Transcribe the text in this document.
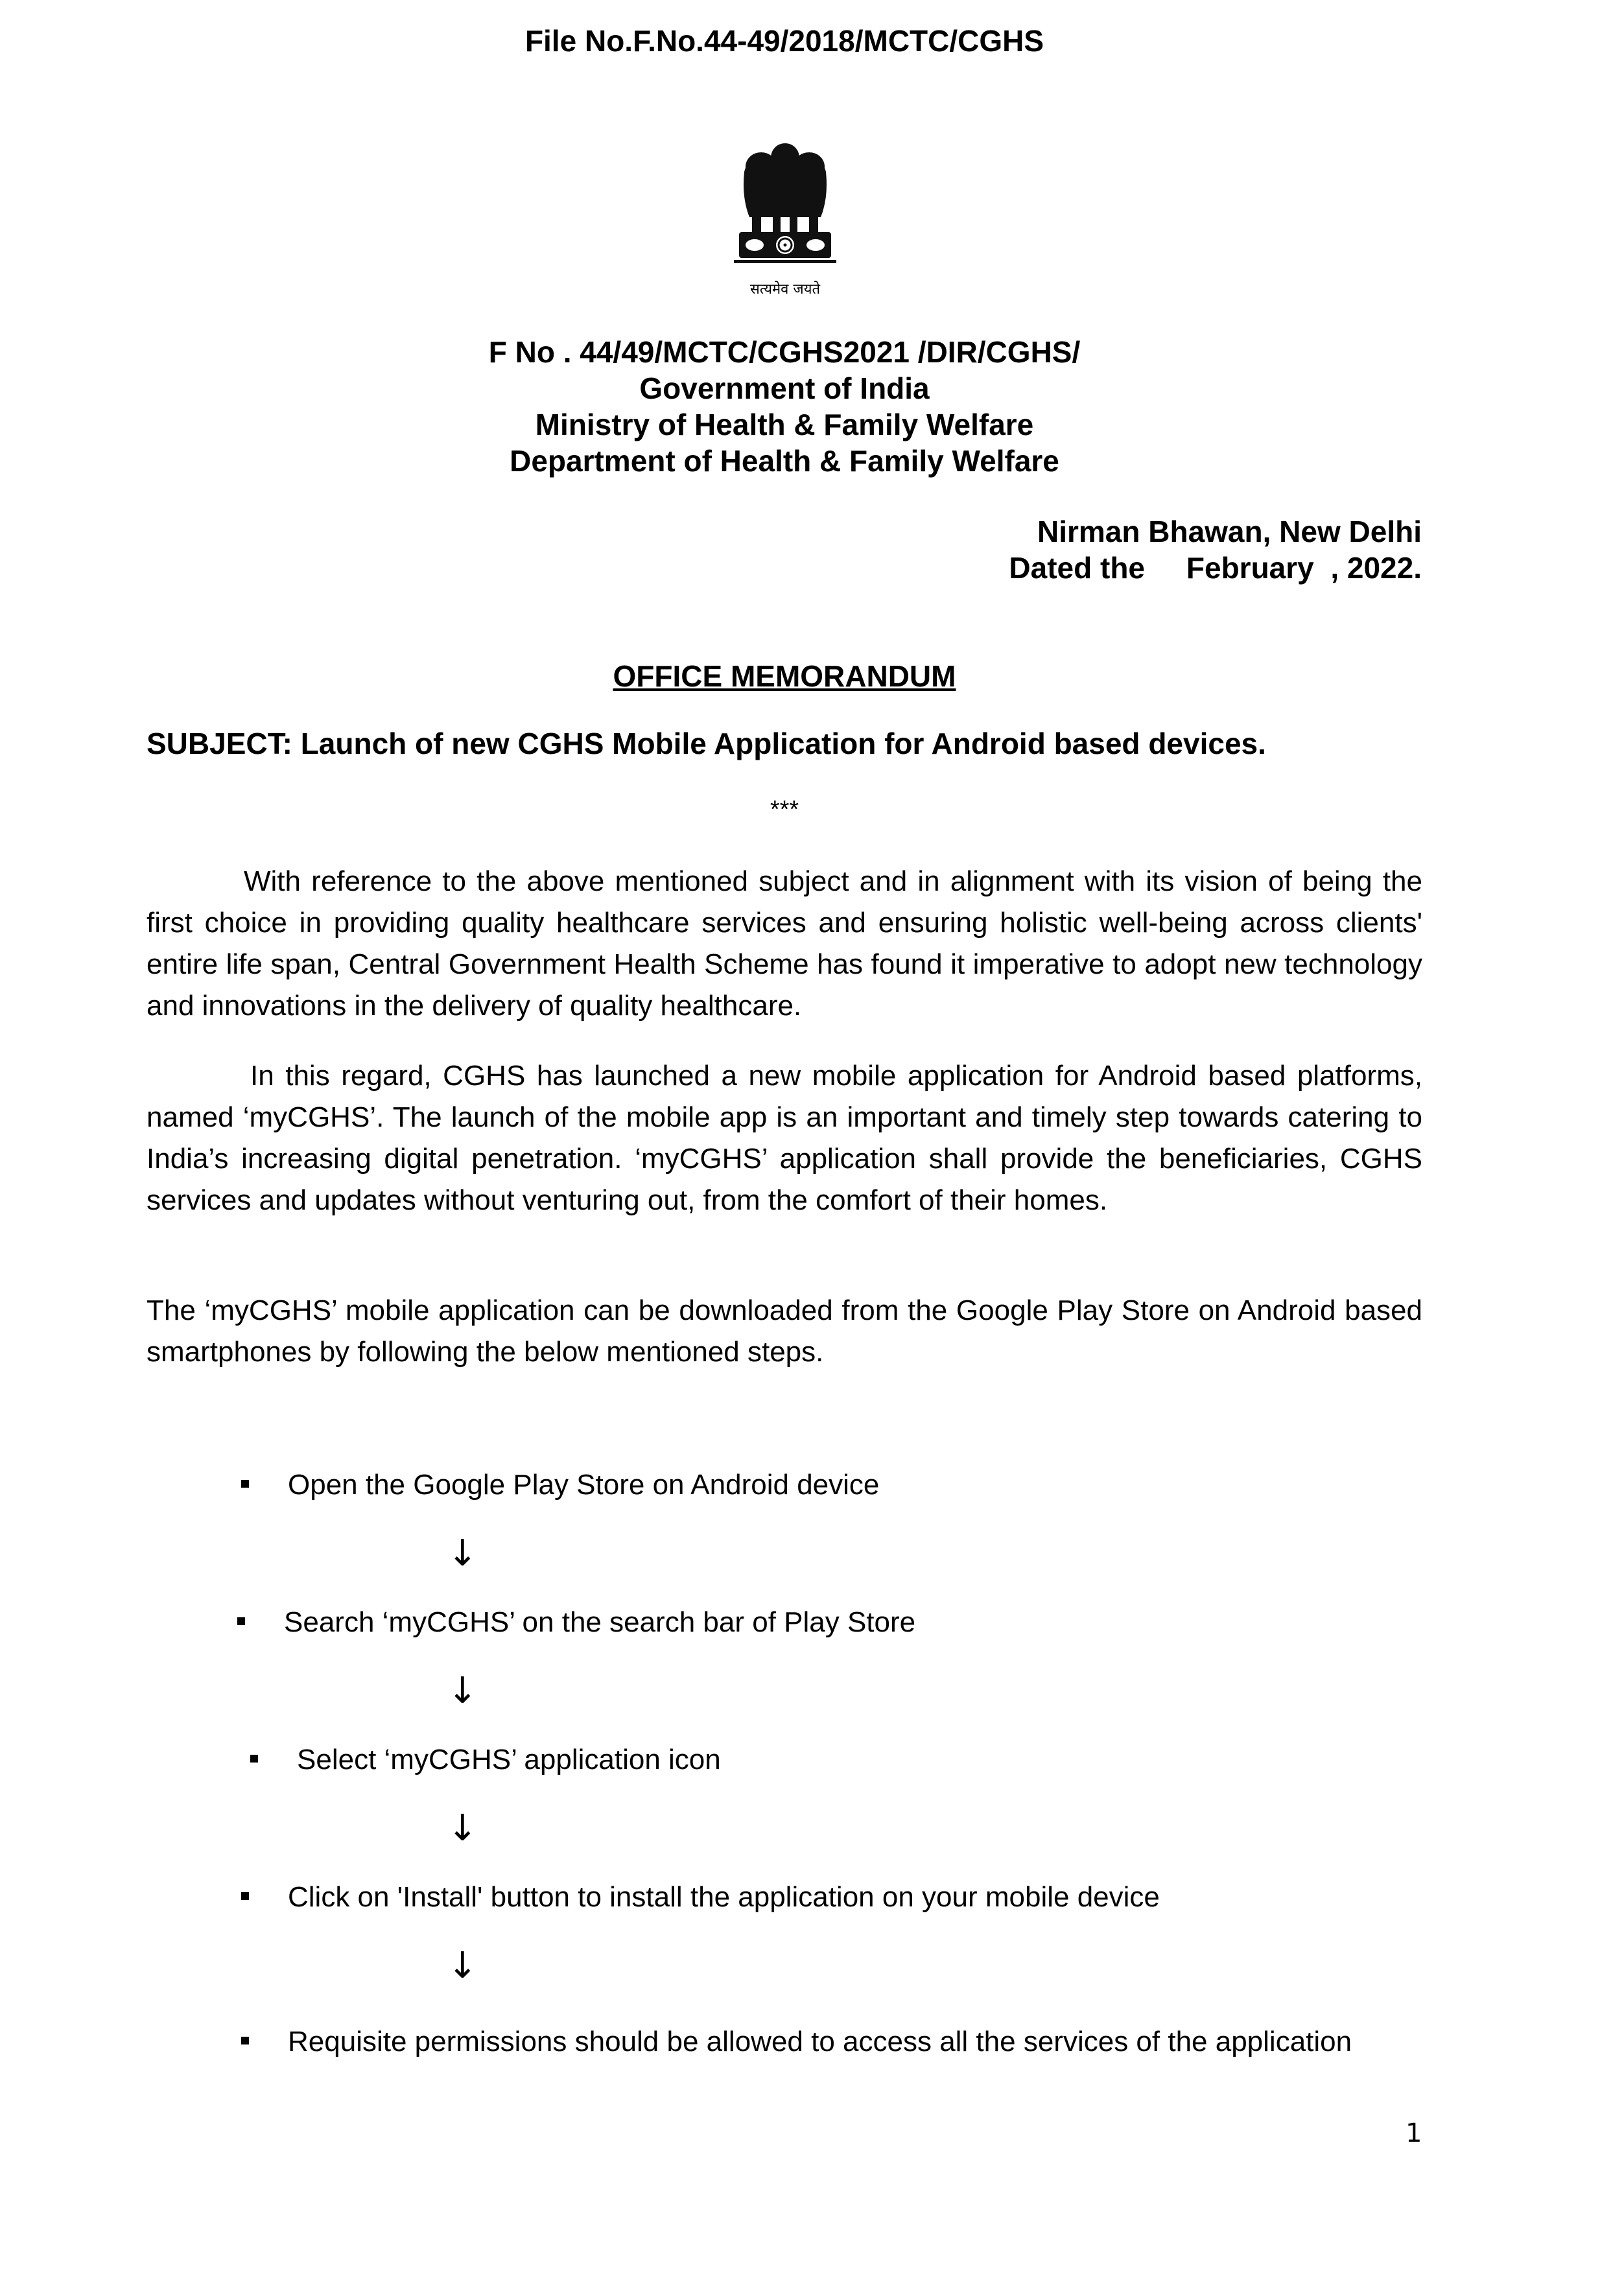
File No.F.No.44-49/2018/MCTC/CGHS
सत्यमेव जयते
F No . 44/49/MCTC/CGHS2021 /DIR/CGHS/
Government of India
Ministry of Health & Family Welfare
Department of Health & Family Welfare
Nirman Bhawan, New Delhi
Dated the     February  , 2022.
OFFICE MEMORANDUM
SUBJECT: Launch of new CGHS Mobile Application for Android based devices.
***
With reference to the above mentioned subject and in alignment with its vision of being the first choice in providing quality healthcare services and ensuring holistic well-being across clients' entire life span, Central Government Health Scheme has found it imperative to adopt new technology and innovations in the delivery of quality healthcare.
In this regard, CGHS has launched a new mobile application for Android based platforms, named ‘myCGHS’. The launch of the mobile app is an important and timely step towards catering to India’s increasing digital penetration. ‘myCGHS’ application shall provide the beneficiaries, CGHS services and updates without venturing out, from the comfort of their homes.
The ‘myCGHS’ mobile application can be downloaded from the Google Play Store on Android based smartphones by following the below mentioned steps.
Open the Google Play Store on Android device
↓
Search ‘myCGHS’ on the search bar of Play Store
↓
Select ‘myCGHS’ application icon
↓
Click on 'Install' button to install the application on your mobile device
↓
Requisite permissions should be allowed to access all the services of the application
1
